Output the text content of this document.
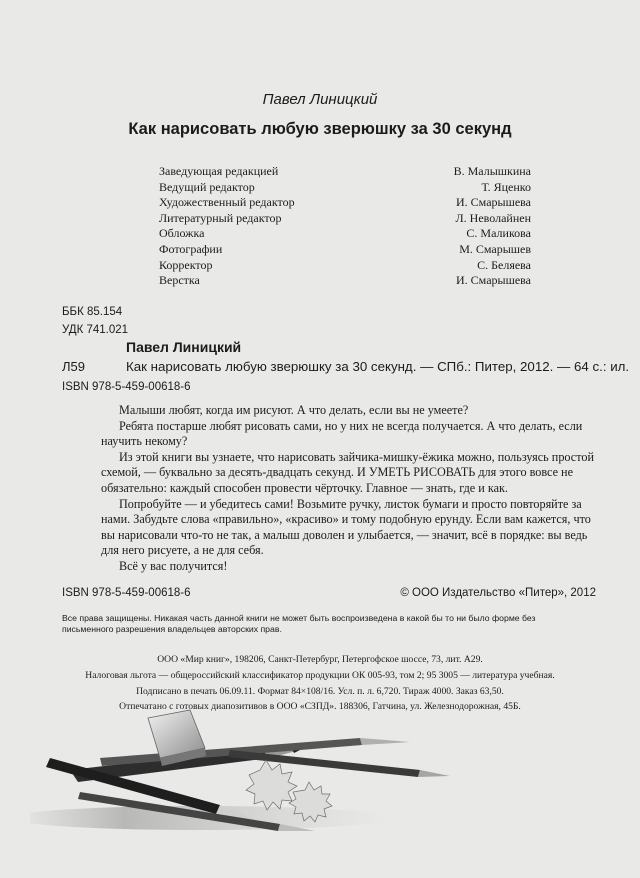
Павел Линицкий
Как нарисовать любую зверюшку за 30 секунд
Заведующая редакцией	В. Малышкина
Ведущий редактор	Т. Яценко
Художественный редактор	И. Смарышева
Литературный редактор	Л. Неволайнен
Обложка	С. Маликова
Фотографии	М. Смарышев
Корректор	С. Беляева
Верстка	И. Смарышева
ББК 85.154
УДК 741.021
Павел Линицкий
Л59	Как нарисовать любую зверюшку за 30 секунд. — СПб.: Питер, 2012. — 64 с.: ил.
ISBN 978-5-459-00618-6

Малыши любят, когда им рисуют. А что делать, если вы не умеете?

Ребята постарше любят рисовать сами, но у них не всегда получается. А что делать, если научить некому?

Из этой книги вы узнаете, что нарисовать зайчика-мишку-ёжика можно, пользуясь простой схемой, — буквально за десять-двадцать секунд. И УМЕТЬ РИСОВАТЬ для этого вовсе не обязательно: каждый способен провести чёрточку. Главное — знать, где и как.

Попробуйте — и убедитесь сами! Возьмите ручку, листок бумаги и просто повторяйте за нами. Забудьте слова «правильно», «красиво» и тому подобную ерунду. Если вам кажется, что вы нарисовали что-то не так, а малыш доволен и улыбается, — значит, всё в порядке: вы ведь для него рисуете, а не для себя.

Всё у вас получится!

ISBN 978-5-459-00618-6	© ООО Издательство «Питер», 2012
Все права защищены. Никакая часть данной книги не может быть воспроизведена в какой бы то ни было форме без письменного разрешения владельцев авторских прав.
ООО «Мир книг», 198206, Санкт-Петербург, Петергофское шоссе, 73, лит. А29.
Налоговая льгота — общероссийский классификатор продукции ОК 005-93, том 2; 95 3005 — литература учебная.
Подписано в печать 06.09.11. Формат 84×108/16. Усл. п. л. 6,720. Тираж 4000. Заказ 63,50.
Отпечатано с готовых диапозитивов в ООО «СЗПД». 188306, Гатчина, ул. Железнодорожная, 45Б.
